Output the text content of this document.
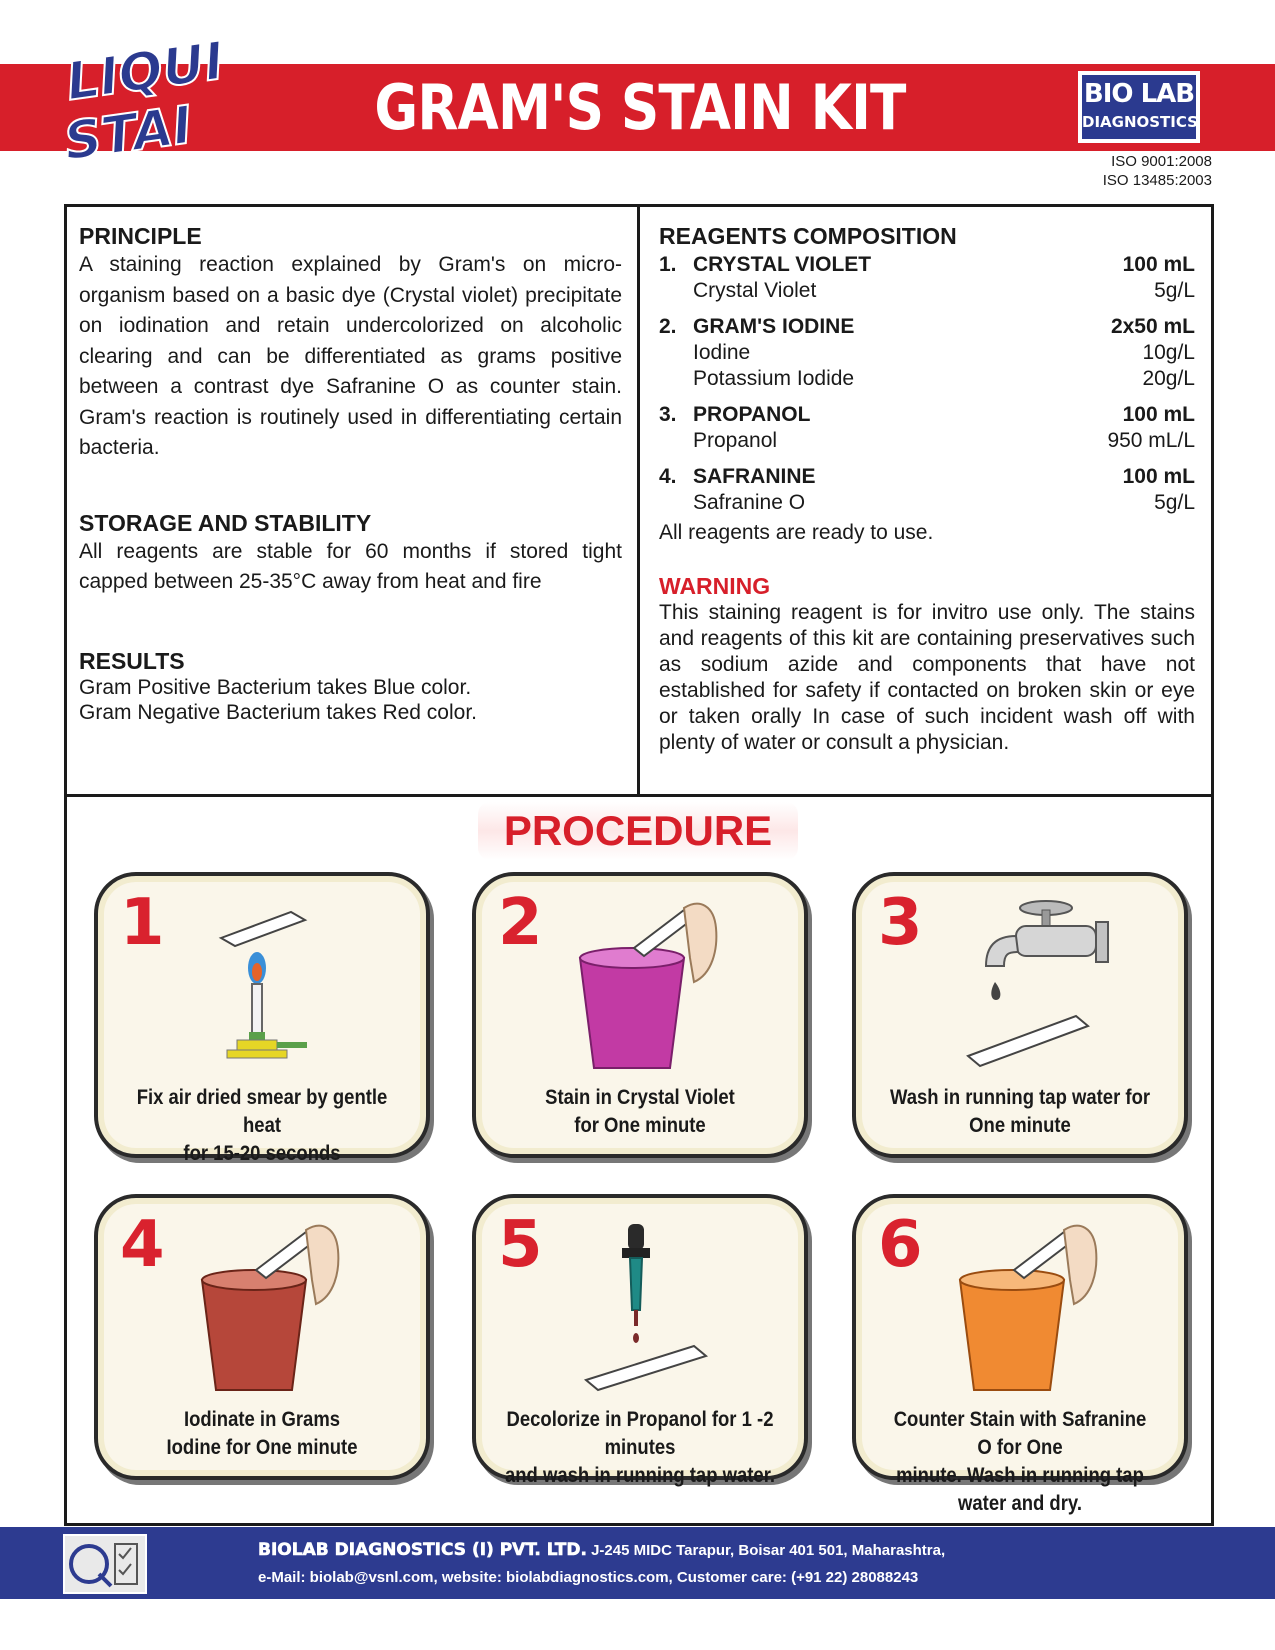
LIQUI
STAI	GRAM'S STAIN KIT	BIO LAB
DIAGNOSTICS
ISO 9001:2008
ISO 13485:2003
PRINCIPLE

A staining reaction explained by Gram's on micro-organism based on a basic dye (Crystal violet) precipitate on iodination and retain undercolorized on alcoholic clearing and can be differentiated as grams positive between a contrast dye Safranine O as counter stain. Gram's reaction is routinely used in differentiating certain bacteria.

STORAGE AND STABILITY

All reagents are stable for 60 months if stored tight capped between 25-35°C away from heat and fire

RESULTS

Gram Positive Bacterium takes Blue color.

Gram Negative Bacterium takes Red color.

REAGENTS COMPOSITION
1. CRYSTAL VIOLET	100 mL
Crystal Violet	5g/L
2. GRAM'S IODINE	2x50 mL
Iodine	10g/L
Potassium Iodide	20g/L
3. PROPANOL	100 mL
Propanol	950 mL/L
4. SAFRANINE	100 mL
Safranine O	5g/L

All reagents are ready to use.

WARNING

This staining reagent is for invitro use only. The stains and reagents of this kit are containing preservatives such as sodium azide and components that have not established for safety if contacted on broken skin or eye or taken orally In case of such incident wash off with plenty of water or consult a physician.

PROCEDURE
1
Fix air dried smear by gentle heat
for 15-20 seconds
2
Stain in Crystal Violet
for One minute
3
Wash in running tap water for
One minute
4
Iodinate in Grams
Iodine for One minute
5
Decolorize in Propanol for 1 -2 minutes
and wash in running tap water.
6
Counter Stain with Safranine O for One
minute. Wash in running tap water and dry.
BIOLAB DIAGNOSTICS (I) PVT. LTD. J-245 MIDC Tarapur, Boisar 401 501, Maharashtra,
e-Mail: biolab@vsnl.com, website: biolabdiagnostics.com, Customer care: (+91 22) 28088243
